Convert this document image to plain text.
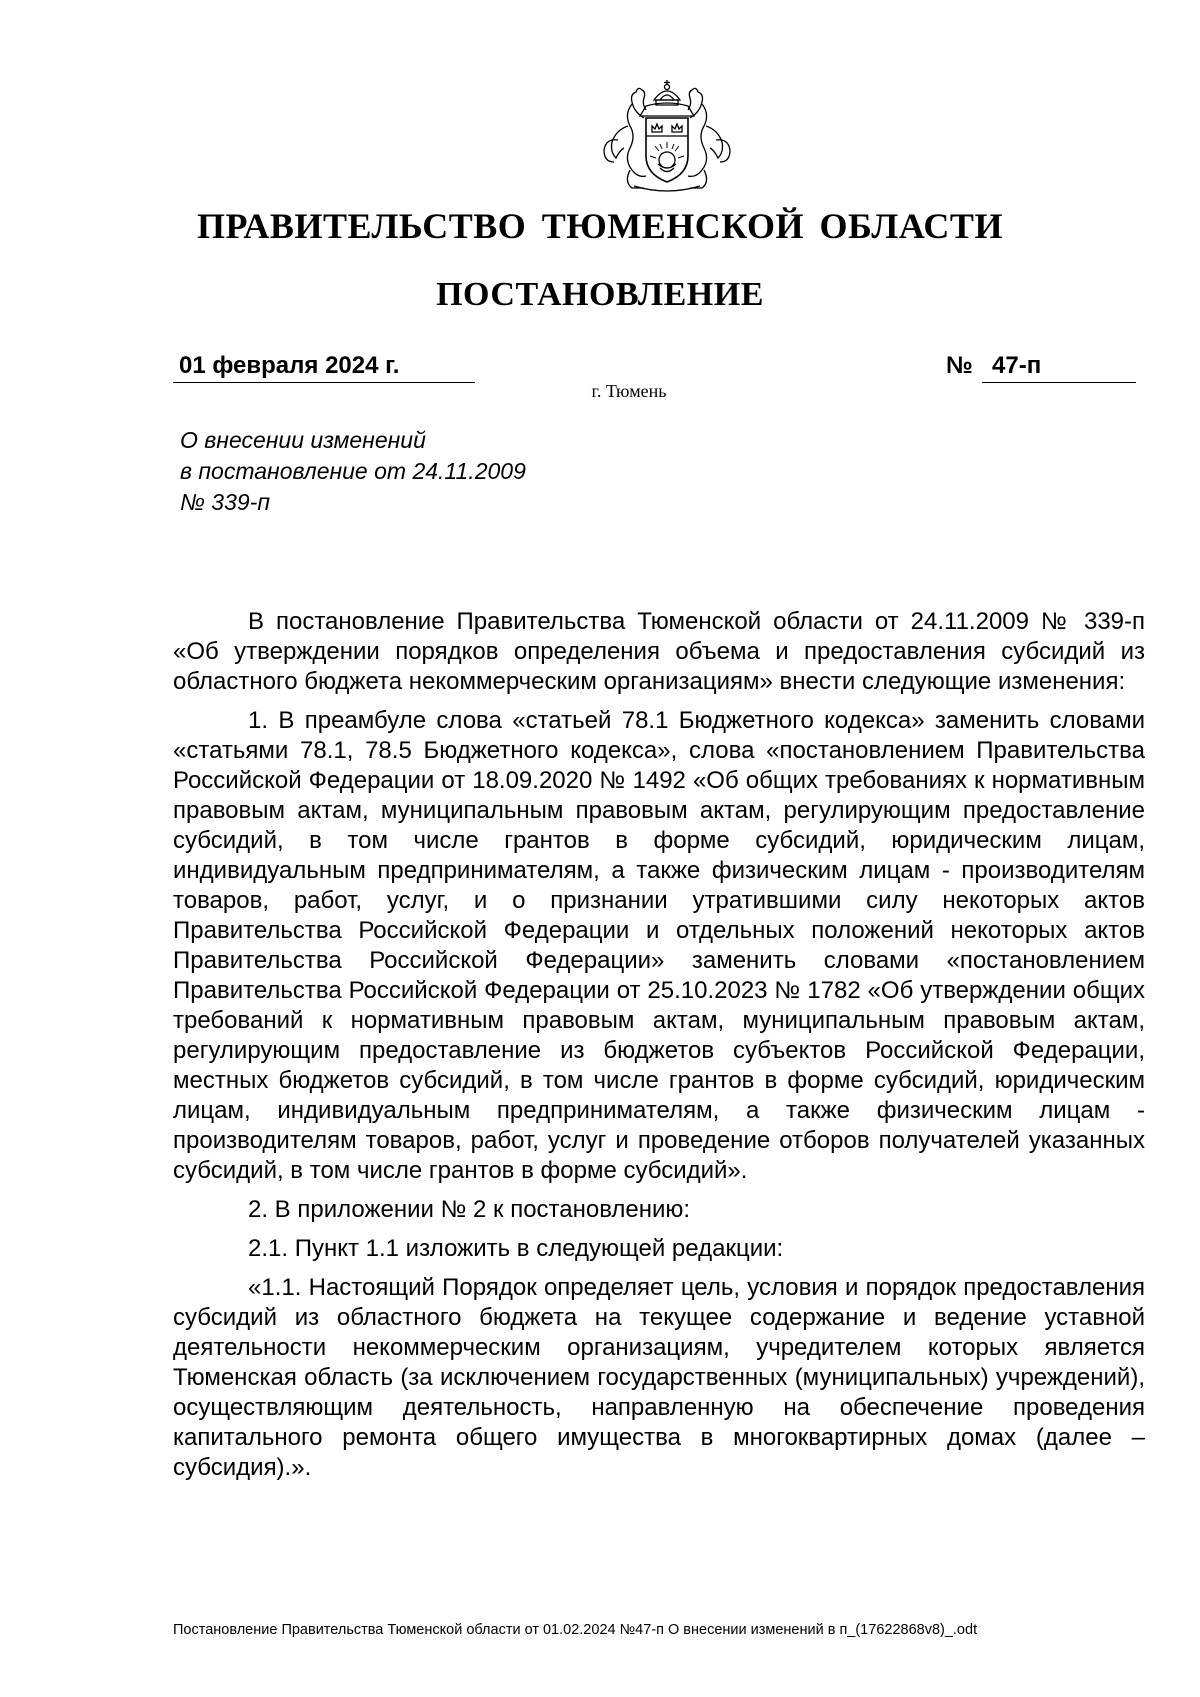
ПРАВИТЕЛЬСТВО ТЮМЕНСКОЙ ОБЛАСТИ
ПОСТАНОВЛЕНИЕ
01 февраля 2024 г.	№ 47-п
г. Тюмень
О внесении изменений
в постановление от 24.11.2009
№ 339-п

В постановление Правительства Тюменской области от 24.11.2009 № 339-п «Об утверждении порядков определения объема и предоставления субсидий из областного бюджета некоммерческим организациям» внести следующие изменения:

1. В преамбуле слова «статьей 78.1 Бюджетного кодекса» заменить словами «статьями 78.1, 78.5 Бюджетного кодекса», слова «постановлением Правительства Российской Федерации от 18.09.2020 № 1492 «Об общих требованиях к нормативным правовым актам, муниципальным правовым актам, регулирующим предоставление субсидий, в том числе грантов в форме субсидий, юридическим лицам, индивидуальным предпринимателям, а также физическим лицам - производителям товаров, работ, услуг, и о признании утратившими силу некоторых актов Правительства Российской Федерации и отдельных положений некоторых актов Правительства Российской Федерации» заменить словами «постановлением Правительства Российской Федерации от 25.10.2023 № 1782 «Об утверждении общих требований к нормативным правовым актам, муниципальным правовым актам, регулирующим предоставление из бюджетов субъектов Российской Федерации, местных бюджетов субсидий, в том числе грантов в форме субсидий, юридическим лицам, индивидуальным предпринимателям, а также физическим лицам - производителям товаров, работ, услуг и проведение отборов получателей указанных субсидий, в том числе грантов в форме субсидий».

2. В приложении № 2 к постановлению:

2.1. Пункт 1.1 изложить в следующей редакции:

«1.1. Настоящий Порядок определяет цель, условия и порядок предоставления субсидий из областного бюджета на текущее содержание и ведение уставной деятельности некоммерческим организациям, учредителем которых является Тюменская область (за исключением государственных (муниципальных) учреждений), осуществляющим деятельность, направленную на обеспечение проведения капитального ремонта общего имущества в многоквартирных домах (далее – субсидия).».

Постановление Правительства Тюменской области от 01.02.2024 №47-п О внесении изменений в п_(17622868v8)_.odt
